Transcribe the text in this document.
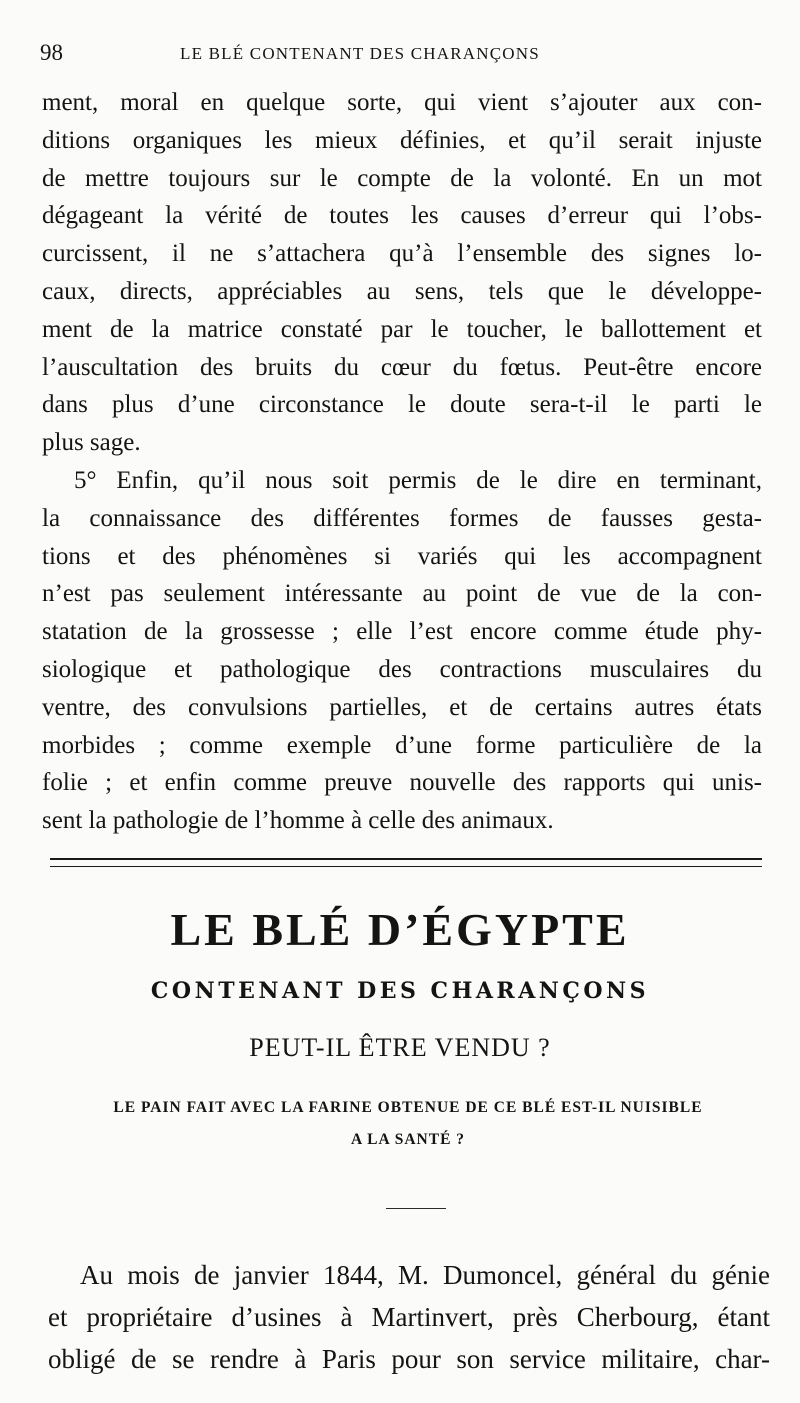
98	LE BLÉ CONTENANT DES CHARANÇONS
ment, moral en quelque sorte, qui vient s’ajouter aux con-
ditions organiques les mieux définies, et qu’il serait injuste
de mettre toujours sur le compte de la volonté. En un mot
dégageant la vérité de toutes les causes d’erreur qui l’obs-
curcissent, il ne s’attachera qu’à l’ensemble des signes lo-
caux, directs, appréciables au sens, tels que le développe-
ment de la matrice constaté par le toucher, le ballottement et
l’auscultation des bruits du cœur du fœtus. Peut-être encore
dans plus d’une circonstance le doute sera-t-il le parti le
plus sage.
5° Enfin, qu’il nous soit permis de le dire en terminant,
la connaissance des différentes formes de fausses gesta-
tions et des phénomènes si variés qui les accompagnent
n’est pas seulement intéressante au point de vue de la con-
statation de la grossesse ; elle l’est encore comme étude phy-
siologique et pathologique des contractions musculaires du
ventre, des convulsions partielles, et de certains autres états
morbides ; comme exemple d’une forme particulière de la
folie ; et enfin comme preuve nouvelle des rapports qui unis-
sent la pathologie de l’homme à celle des animaux.
LE BLÉ D’ÉGYPTE
CONTENANT DES CHARANÇONS
PEUT-IL ÊTRE VENDU ?
LE PAIN FAIT AVEC LA FARINE OBTENUE DE CE BLÉ EST-IL NUISIBLE
A LA SANTÉ ?
Au mois de janvier 1844, M. Dumoncel, général du génie
et propriétaire d’usines à Martinvert, près Cherbourg, étant
obligé de se rendre à Paris pour son service militaire, char-
